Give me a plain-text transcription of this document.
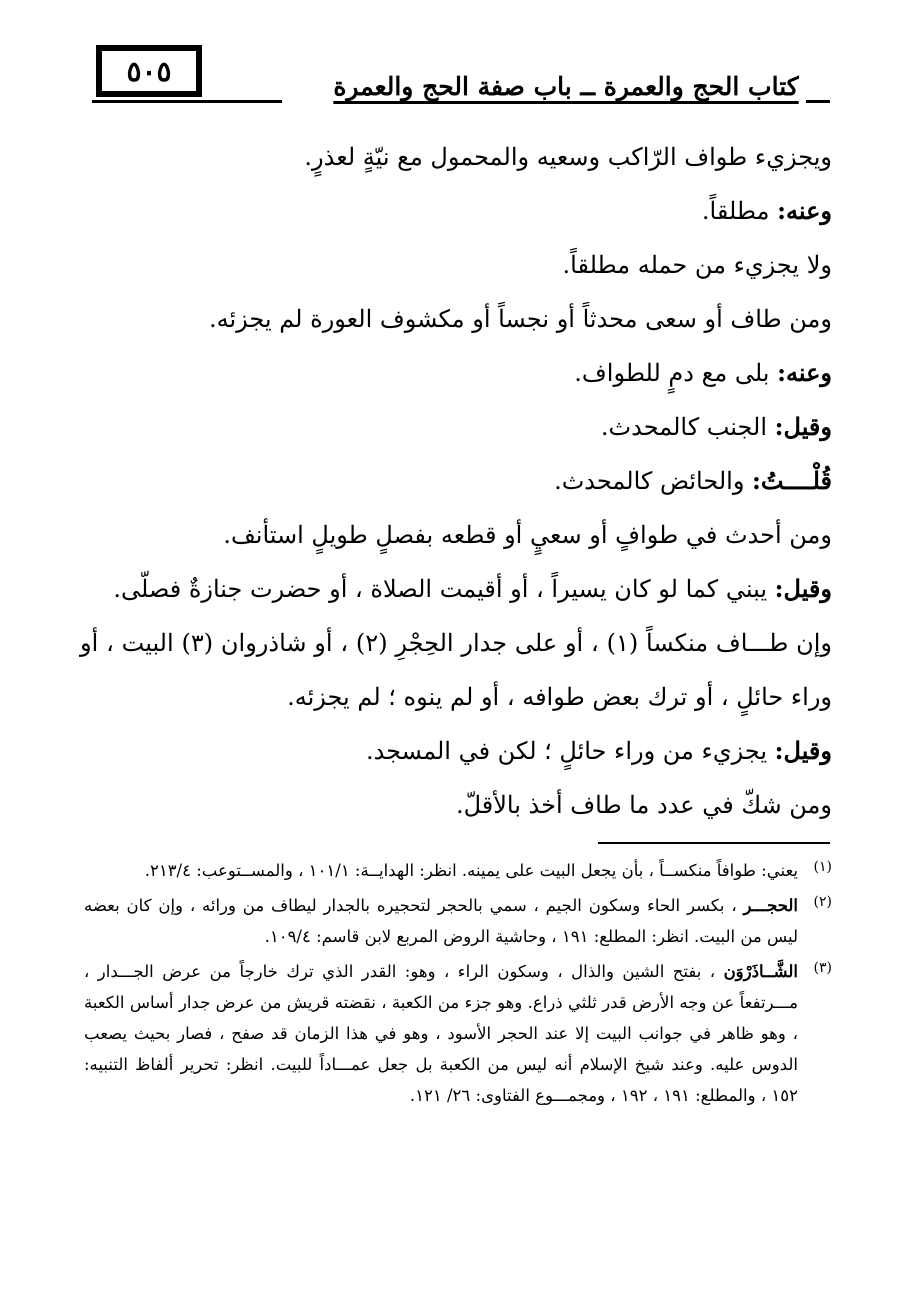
٥٠٥	كتاب الحج والعمرة ــ باب صفة الحج والعمرة
ويجزيء طواف الرّاكب وسعيه والمحمول مع نيّةٍ لعذرٍ.
وعنه: مطلقاً.
ولا يجزيء من حمله مطلقاً.
ومن طاف أو سعى محدثاً أو نجساً أو مكشوف العورة لم يجزئه.
وعنه: بلى مع دمٍ للطواف.
وقيل: الجنب كالمحدث.
قُلْــــتُ: والحائض كالمحدث.
ومن أحدث في طوافٍ أو سعيٍ أو قطعه بفصلٍ طويلٍ استأنف.
وقيل: يبني كما لو كان يسيراً ، أو أقيمت الصلاة ، أو حضرت جنازةٌ فصلّى.
وإن طـــاف منكساً (١) ، أو على جدار الحِجْرِ (٢) ، أو شاذروان (٣) البيت ، أو وراء حائلٍ ، أو ترك بعض طوافه ، أو لم ينوه ؛ لم يجزئه.
وقيل: يجزيء من وراء حائلٍ ؛ لكن في المسجد.
ومن شكّ في عدد ما طاف أخذ بالأقلّ.
(١)
يعني: طوافاً منكســاً ، بأن يجعل البيت على يمينه. انظر: الهدايــة: ١٠١/١ ، والمســتوعب: ٢١٣/٤.
(٢)
الحجـــر ، بكسر الحاء وسكون الجيم ، سمي بالحجر لتحجيره بالجدار ليطاف من ورائه ، وإن كان بعضه ليس من البيت. انظر: المطلع: ١٩١ ، وحاشية الروض المربع لابن قاسم: ١٠٩/٤.
(٣)
الشَّــاذَرْوَن ، بفتح الشين والذال ، وسكون الراء ، وهو: القدر الذي ترك خارجاً من عرض الجـــدار ، مـــرتفعاً عن وجه الأرض قدر ثلثي ذراع. وهو جزء من الكعبة ، نقضته قريش من عرض جدار أساس الكعبة ، وهو ظاهر في جوانب البيت إلا عند الحجر الأسود ، وهو في هذا الزمان قد صفح ، فصار بحيث يصعب الدوس عليه. وعند شيخ الإسلام أنه ليس من الكعبة بل جعل عمـــاداً للبيت. انظر: تحرير ألفاظ التنبيه: ١٥٢ ، والمطلع: ١٩١ ، ١٩٢ ، ومجمـــوع الفتاوى: ٢٦/ ١٢١.
